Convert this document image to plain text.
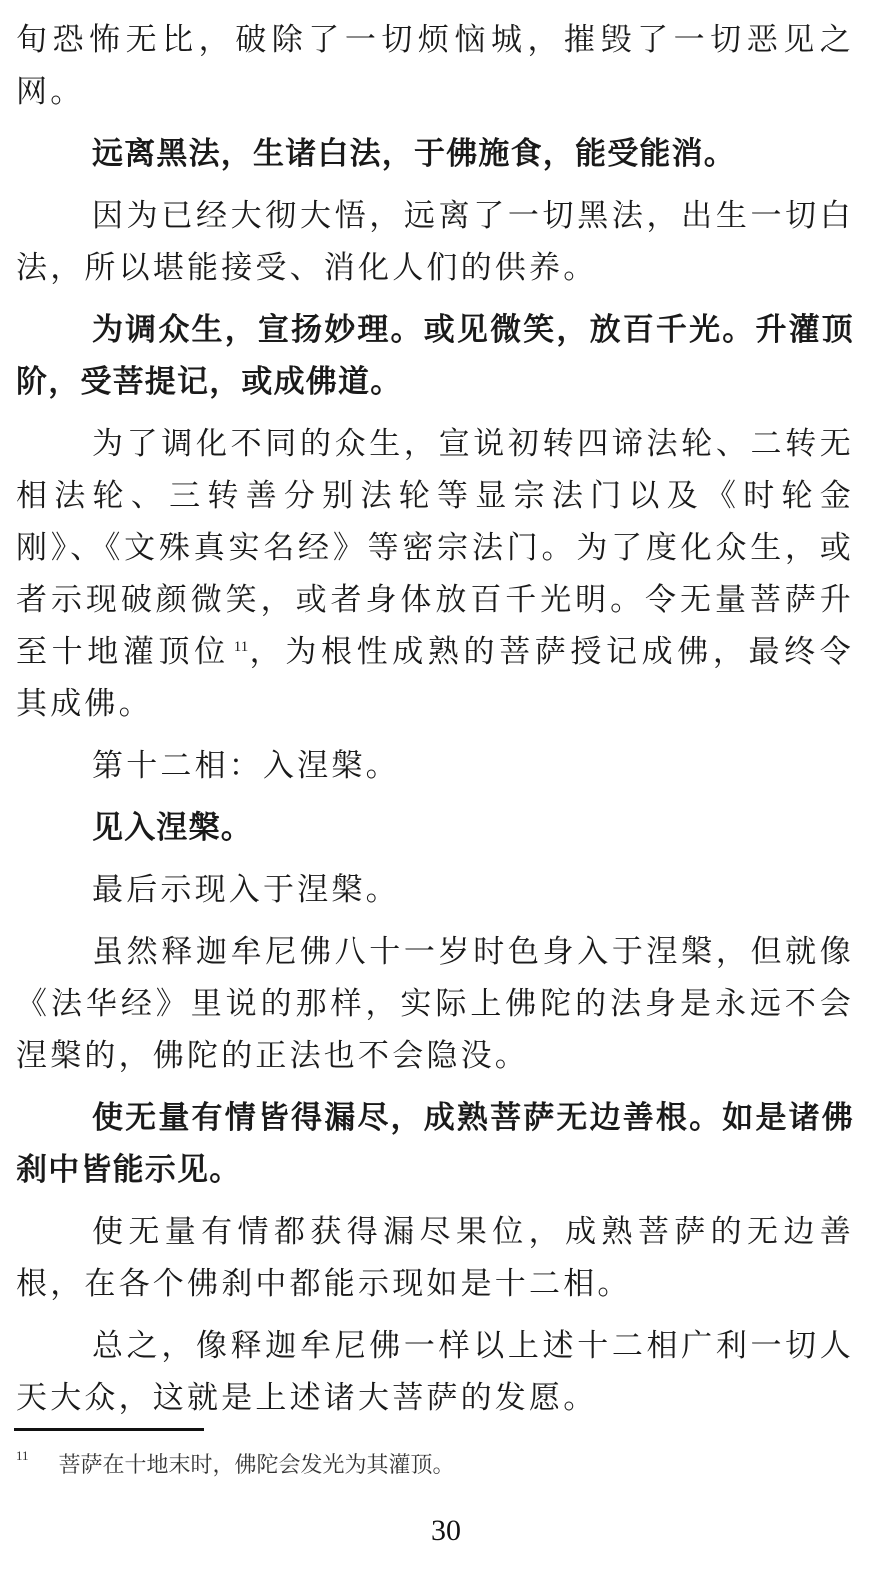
旬恐怖无比，破除了一切烦恼城，摧毁了一切恶见之网。

远离黑法，生诸白法，于佛施食，能受能消。

因为已经大彻大悟，远离了一切黑法，出生一切白法，所以堪能接受、消化人们的供养。

为调众生，宣扬妙理。或见微笑，放百千光。升灌顶阶，受菩提记，或成佛道。

为了调化不同的众生，宣说初转四谛法轮、二转无相法轮、三转善分别法轮等显宗法门以及《时轮金刚》、《文殊真实名经》等密宗法门。为了度化众生，或者示现破颜微笑，或者身体放百千光明。令无量菩萨升至十地灌顶位 $^{11}$，为根性成熟的菩萨授记成佛，最终令其成佛。

第十二相：入涅槃。

见入涅槃。

最后示现入于涅槃。

虽然释迦牟尼佛八十一岁时色身入于涅槃，但就像《法华经》里说的那样，实际上佛陀的法身是永远不会涅槃的，佛陀的正法也不会隐没。

使无量有情皆得漏尽，成熟菩萨无边善根。如是诸佛刹中皆能示见。

使无量有情都获得漏尽果位，成熟菩萨的无边善根，在各个佛刹中都能示现如是十二相。

总之，像释迦牟尼佛一样以上述十二相广利一切人天大众，这就是上述诸大菩萨的发愿。

$^{11}$ 菩萨在十地末时，佛陀会发光为其灌顶。
30
